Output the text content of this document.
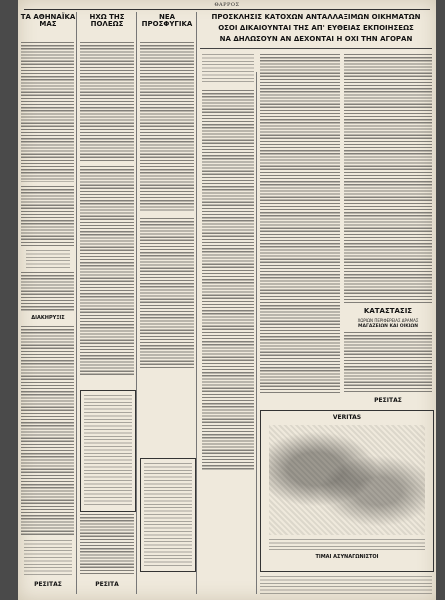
ΘΑΡΡΟΣ
ΤΑ ΑΘΗΝΑΪΚΑ ΜΑΣ
ΔΙΑΚΗΡΥΞΙΣ
ΡΕΣΙΤΑΣ
ΗΧΩ ΤΗΣ ΠΟΛΕΩΣ
ΡΕΣΙΤΑ
ΝΕΑ ΠΡΟΣΦΥΓΙΚΑ
ΠΡΟΣΚΛΗΣΙΣ ΚΑΤΟΧΩΝ ΑΝΤΑΛΛΑΞΙΜΩΝ ΟΙΚΗΜΑΤΩΝ
ΟΣΟΙ ΔΙΚΑΙΟΥΝΤΑΙ ΤΗΣ ΑΠ' ΕΥΘΕΙΑΣ ΕΚΠΟΙΗΣΕΩΣ
ΝΑ ΔΗΛΩΣΟΥΝ ΑΝ ΔΕΧΟΝΤΑΙ Η ΟΧΙ ΤΗΝ ΑΓΟΡΑΝ
ΚΑΤΑΣΤΑΣΙΣ
ΧΩΡΙΩΝ ΠΕΡΙΦΕΡΕΙΑΣ ΔΡΑΜΑΣ
ΜΑΓΑΖΕΙΩΝ ΚΑΙ ΟΙΚΙΩΝ
ΡΕΣΙΤΑΣ
VERITAS
ΤΙΜΑΙ ΑΣΥΝΑΓΩΝΙΣΤΟΙ
